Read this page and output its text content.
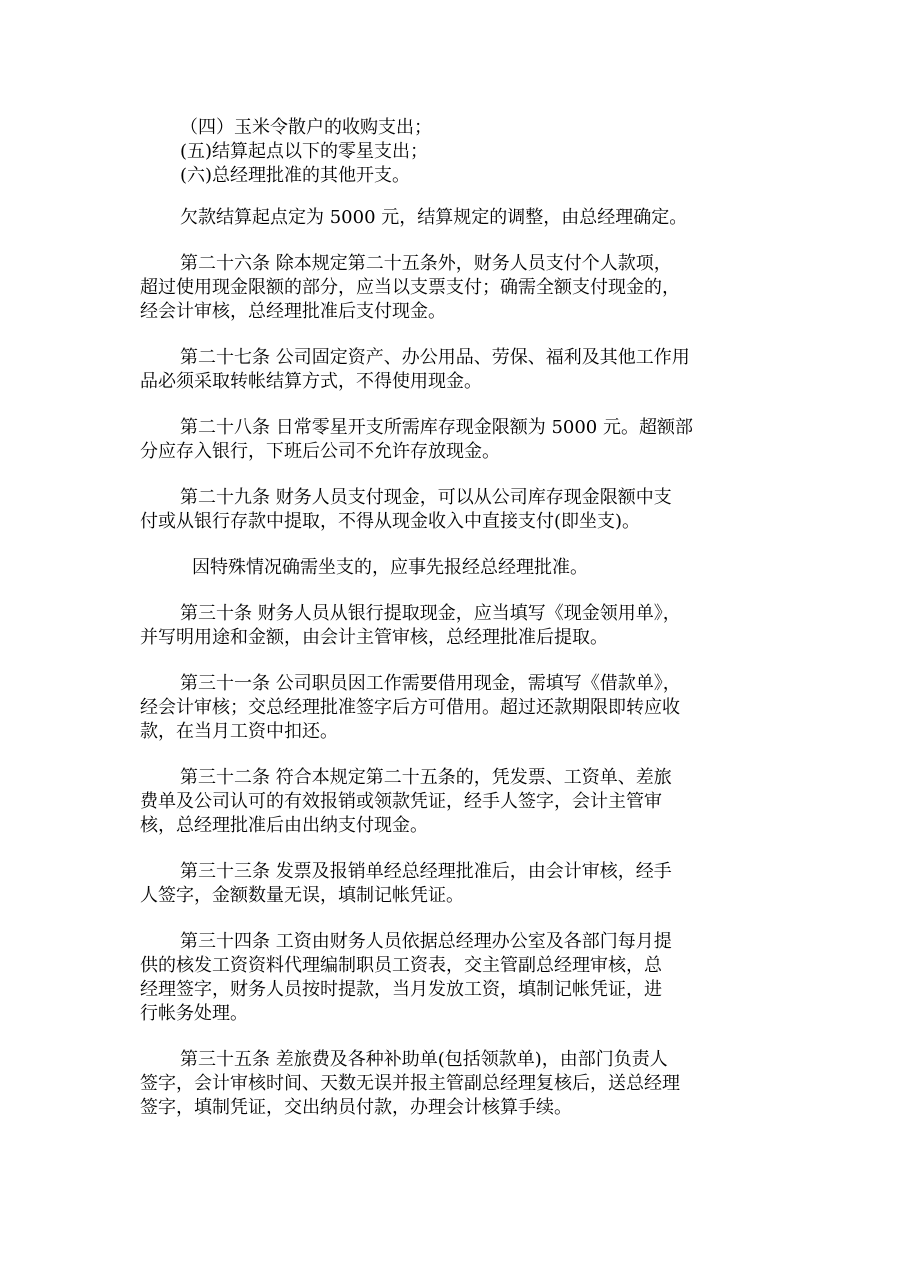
（四）玉米令散户的收购支出；
(五)结算起点以下的零星支出；
(六)总经理批准的其他开支。
欠款结算起点定为 5000 元，结算规定的调整，由总经理确定。
第二十六条 除本规定第二十五条外，财务人员支付个人款项，
超过使用现金限额的部分，应当以支票支付；确需全额支付现金的，
经会计审核，总经理批准后支付现金。
第二十七条 公司固定资产、办公用品、劳保、福利及其他工作用
品必须采取转帐结算方式，不得使用现金。
第二十八条 日常零星开支所需库存现金限额为 5000 元。超额部
分应存入银行，下班后公司不允许存放现金。
第二十九条 财务人员支付现金，可以从公司库存现金限额中支
付或从银行存款中提取，不得从现金收入中直接支付(即坐支)。
因特殊情况确需坐支的，应事先报经总经理批准。
第三十条 财务人员从银行提取现金，应当填写《现金领用单》，
并写明用途和金额，由会计主管审核，总经理批准后提取。
第三十一条 公司职员因工作需要借用现金，需填写《借款单》，
经会计审核；交总经理批准签字后方可借用。超过还款期限即转应收
款，在当月工资中扣还。
第三十二条 符合本规定第二十五条的，凭发票、工资单、差旅
费单及公司认可的有效报销或领款凭证，经手人签字，会计主管审
核，总经理批准后由出纳支付现金。
第三十三条 发票及报销单经总经理批准后，由会计审核，经手
人签字，金额数量无误，填制记帐凭证。
第三十四条 工资由财务人员依据总经理办公室及各部门每月提
供的核发工资资料代理编制职员工资表，交主管副总经理审核，总
经理签字，财务人员按时提款，当月发放工资，填制记帐凭证，进
行帐务处理。
第三十五条 差旅费及各种补助单(包括领款单)，由部门负责人
签字，会计审核时间、天数无误并报主管副总经理复核后，送总经理
签字，填制凭证，交出纳员付款，办理会计核算手续。
